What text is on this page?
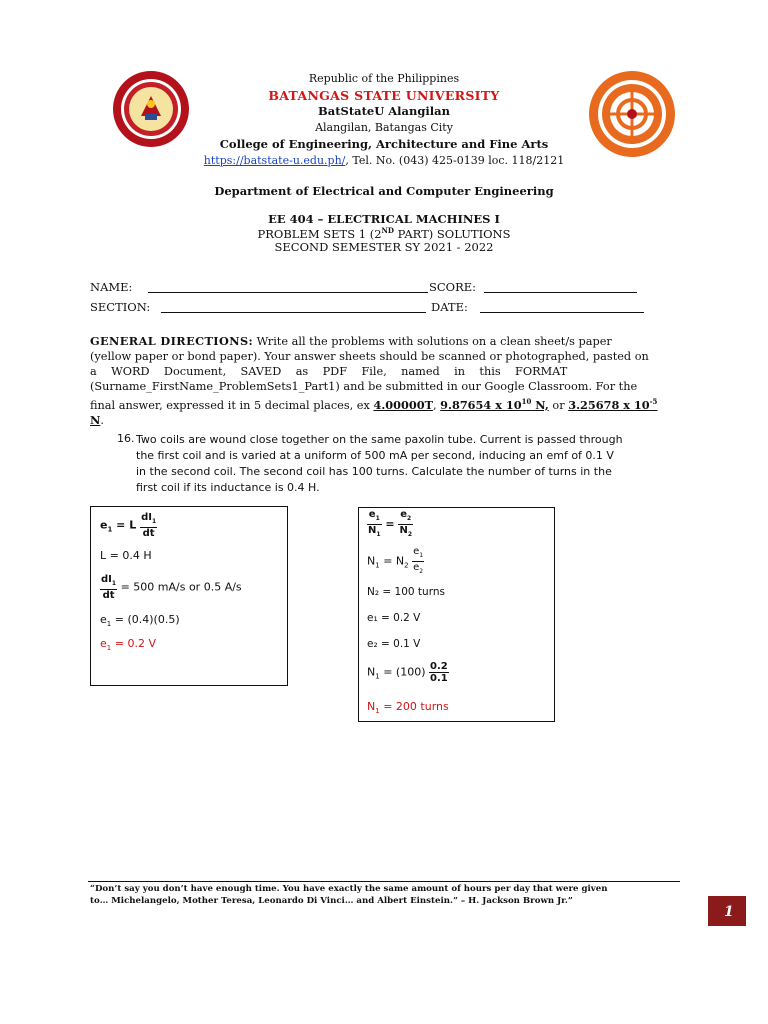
Republic of the Philippines
BATANGAS STATE UNIVERSITY
BatStateU Alangilan
Alangilan, Batangas City
College of Engineering, Architecture and Fine Arts
https://batstate-u.edu.ph/, Tel. No. (043) 425-0139 loc. 118/2121
Department of Electrical and Computer Engineering
EE 404 – ELECTRICAL MACHINES I
PROBLEM SETS 1 (2ND PART) SOLUTIONS
SECOND SEMESTER SY 2021 - 2022
NAME:	SCORE:
SECTION:	DATE:
GENERAL DIRECTIONS: Write all the problems with solutions on a clean sheet/s paper
(yellow paper or bond paper). Your answer sheets should be scanned or photographed, pasted on
a    WORD    Document,    SAVED    as    PDF    File,    named    in    this    FORMAT
(Surname_FirstName_ProblemSets1_Part1) and be submitted in our Google Classroom. For the
final answer, expressed it in 5 decimal places, ex 4.00000T, 9.87654 x $10^{10}$ N, or 3.25678 x $10^{-5}$
N.
16. Two coils are wound close together on the same paxolin tube. Current is passed through
the first coil and is varied at a uniform of 500 mA per second, inducing an emf of 0.1 V
in the second coil. The second coil has 100 turns. Calculate the number of turns in the
first coil if its inductance is 0.4 H.
$e_1 = L \frac{dI_1}{dt}$
L = 0.4 H
$\frac{dI_1}{dt} = 500$ mA/s or 0.5 A/s
$e_1 = (0.4)(0.5)$
$e_1 = 0.2$ V
$\frac{e_1}{N_1} = \frac{e_2}{N_2}$
$N_1 = N_2 \frac{e_1}{e_2}$
N₂ = 100 turns
e₁ = 0.2 V
e₂ = 0.1 V
$N_1 = (100) \frac{0.2}{0.1}$
$N_1 = 200$ turns
“Don’t say you don’t have enough time. You have exactly the same amount of hours per day that were given
to… Michelangelo, Mother Teresa, Leonardo Di Vinci… and Albert Einstein.” – H. Jackson Brown Jr.”
1
